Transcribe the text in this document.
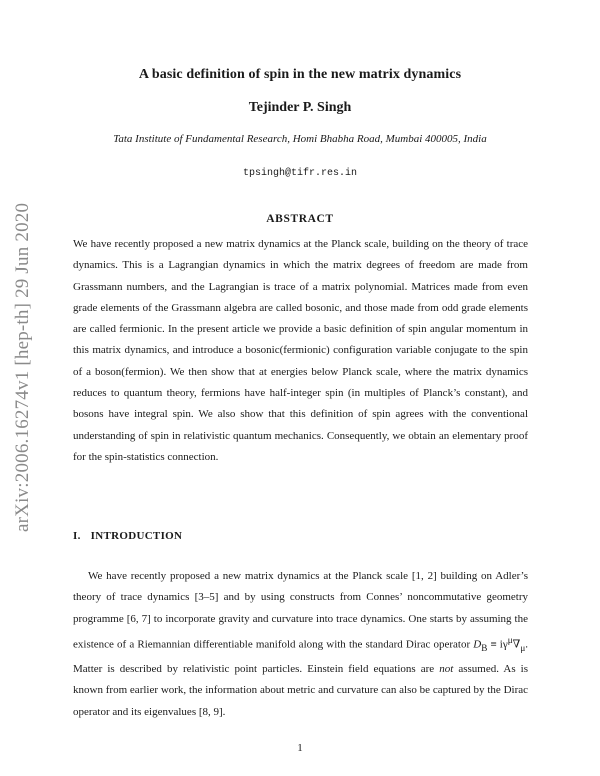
arXiv:2006.16274v1 [hep-th] 29 Jun 2020
A basic definition of spin in the new matrix dynamics
Tejinder P. Singh
Tata Institute of Fundamental Research, Homi Bhabha Road, Mumbai 400005, India
tpsingh@tifr.res.in
ABSTRACT
We have recently proposed a new matrix dynamics at the Planck scale, building on the theory of trace dynamics. This is a Lagrangian dynamics in which the matrix degrees of freedom are made from Grassmann numbers, and the Lagrangian is trace of a matrix polynomial. Matrices made from even grade elements of the Grassmann algebra are called bosonic, and those made from odd grade elements are called fermionic. In the present article we provide a basic definition of spin angular momentum in this matrix dynamics, and introduce a bosonic(fermionic) configuration variable conjugate to the spin of a boson(fermion). We then show that at energies below Planck scale, where the matrix dynamics reduces to quantum theory, fermions have half-integer spin (in multiples of Planck’s constant), and bosons have integral spin. We also show that this definition of spin agrees with the conventional understanding of spin in relativistic quantum mechanics. Consequently, we obtain an elementary proof for the spin-statistics connection.
I. INTRODUCTION
We have recently proposed a new matrix dynamics at the Planck scale [1, 2] building on Adler’s theory of trace dynamics [3–5] and by using constructs from Connes’ noncommutative geometry programme [6, 7] to incorporate gravity and curvature into trace dynamics. One starts by assuming the existence of a Riemannian differentiable manifold along with the standard Dirac operator $D_B \equiv i\gamma^\mu\nabla_\mu$. Matter is described by relativistic point particles. Einstein field equations are not assumed. As is known from earlier work, the information about metric and curvature can also be captured by the Dirac operator and its eigenvalues [8, 9].
1
